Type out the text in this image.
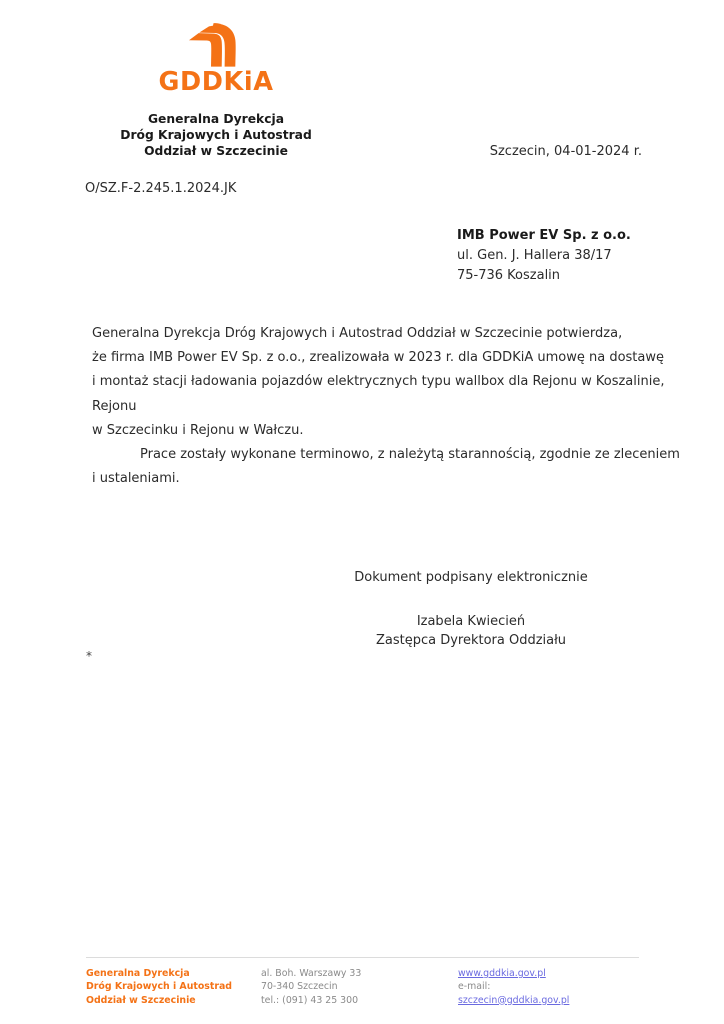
GDDKiA
Generalna Dyrekcja
Dróg Krajowych i Autostrad
Oddział w Szczecinie	Szczecin, 04-01-2024 r.
O/SZ.F-2.245.1.2024.JK
IMB Power EV Sp. z o.o.
ul. Gen. J. Hallera 38/17
75-736 Koszalin
Generalna Dyrekcja Dróg Krajowych i Autostrad Oddział w Szczecinie potwierdza,
że firma IMB Power EV Sp. z o.o., zrealizowała w 2023 r. dla GDDKiA umowę na dostawę
i montaż stacji ładowania pojazdów elektrycznych typu wallbox dla Rejonu w Koszalinie,
Rejonu
w Szczecinku i Rejonu w Wałczu.
Prace zostały wykonane terminowo, z należytą starannością, zgodnie ze zleceniem
i ustaleniami.
Dokument podpisany elektronicznie
Izabela Kwiecień
Zastępca Dyrektora Oddziału
*
Generalna Dyrekcja
Dróg Krajowych i Autostrad
Oddział w Szczecinie
al. Boh. Warszawy 33
70-340 Szczecin
tel.: (091) 43 25 300
www.gddkia.gov.pl
e-mail:
szczecin@gddkia.gov.pl
